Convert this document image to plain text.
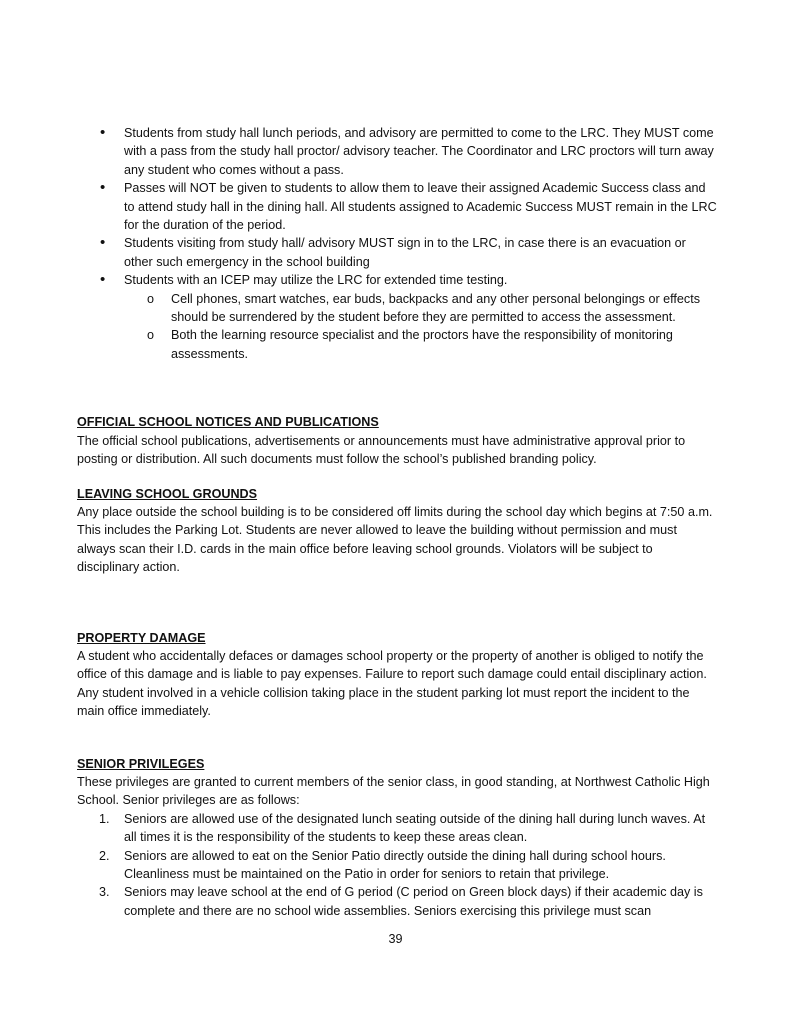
• Students from study hall lunch periods, and advisory are permitted to come to the LRC. They MUST come with a pass from the study hall proctor/ advisory teacher. The Coordinator and LRC proctors will turn away any student who comes without a pass.
• Passes will NOT be given to students to allow them to leave their assigned Academic Success class and to attend study hall in the dining hall. All students assigned to Academic Success MUST remain in the LRC for the duration of the period.
• Students visiting from study hall/ advisory MUST sign in to the LRC, in case there is an evacuation or other such emergency in the school building
• Students with an ICEP may utilize the LRC for extended time testing.
o Cell phones, smart watches, ear buds, backpacks and any other personal belongings or effects should be surrendered by the student before they are permitted to access the assessment.
o Both the learning resource specialist and the proctors have the responsibility of monitoring assessments.
OFFICIAL SCHOOL NOTICES AND PUBLICATIONS

The official school publications, advertisements or announcements must have administrative approval prior to posting or distribution. All such documents must follow the school’s published branding policy.

LEAVING SCHOOL GROUNDS

Any place outside the school building is to be considered off limits during the school day which begins at 7:50 a.m. This includes the Parking Lot. Students are never allowed to leave the building without permission and must always scan their I.D. cards in the main office before leaving school grounds. Violators will be subject to disciplinary action.

PROPERTY DAMAGE

A student who accidentally defaces or damages school property or the property of another is obliged to notify the office of this damage and is liable to pay expenses. Failure to report such damage could entail disciplinary action. Any student involved in a vehicle collision taking place in the student parking lot must report the incident to the main office immediately.

SENIOR PRIVILEGES

These privileges are granted to current members of the senior class, in good standing, at Northwest Catholic High School. Senior privileges are as follows:

1. Seniors are allowed use of the designated lunch seating outside of the dining hall during lunch waves. At all times it is the responsibility of the students to keep these areas clean.
2. Seniors are allowed to eat on the Senior Patio directly outside the dining hall during school hours. Cleanliness must be maintained on the Patio in order for seniors to retain that privilege.
3. Seniors may leave school at the end of G period (C period on Green block days) if their academic day is complete and there are no school wide assemblies. Seniors exercising this privilege must scan
39
